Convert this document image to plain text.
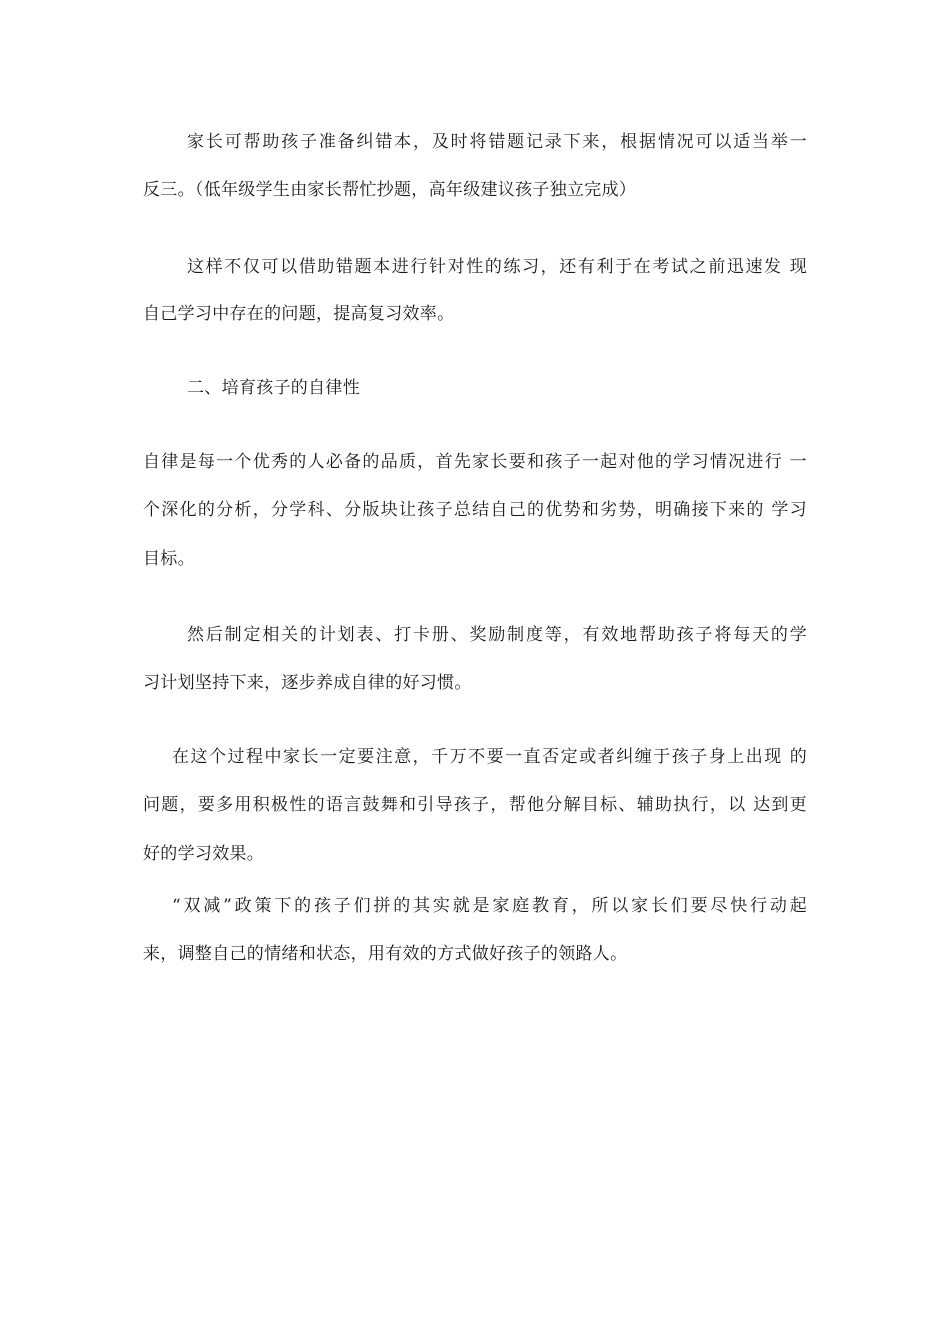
家长可帮助孩子准备纠错本，及时将错题记录下来，根据情况可以适当举一
反三。（低年级学生由家长帮忙抄题，高年级建议孩子独立完成）
这样不仅可以借助错题本进行针对性的练习，还有利于在考试之前迅速发 现
自己学习中存在的问题，提高复习效率。
二、培育孩子的自律性
自律是每一个优秀的人必备的品质，首先家长要和孩子一起对他的学习情况进行 一
个深化的分析，分学科、分版块让孩子总结自己的优势和劣势，明确接下来的 学习
目标。
然后制定相关的计划表、打卡册、奖励制度等，有效地帮助孩子将每天的学
习计划坚持下来，逐步养成自律的好习惯。
在这个过程中家长一定要注意，千万不要一直否定或者纠缠于孩子身上出现 的
问题，要多用积极性的语言鼓舞和引导孩子，帮他分解目标、辅助执行，以 达到更
好的学习效果。
“双减”政策下的孩子们拼的其实就是家庭教育，所以家长们要尽快行动起
来，调整自己的情绪和状态，用有效的方式做好孩子的领路人。
